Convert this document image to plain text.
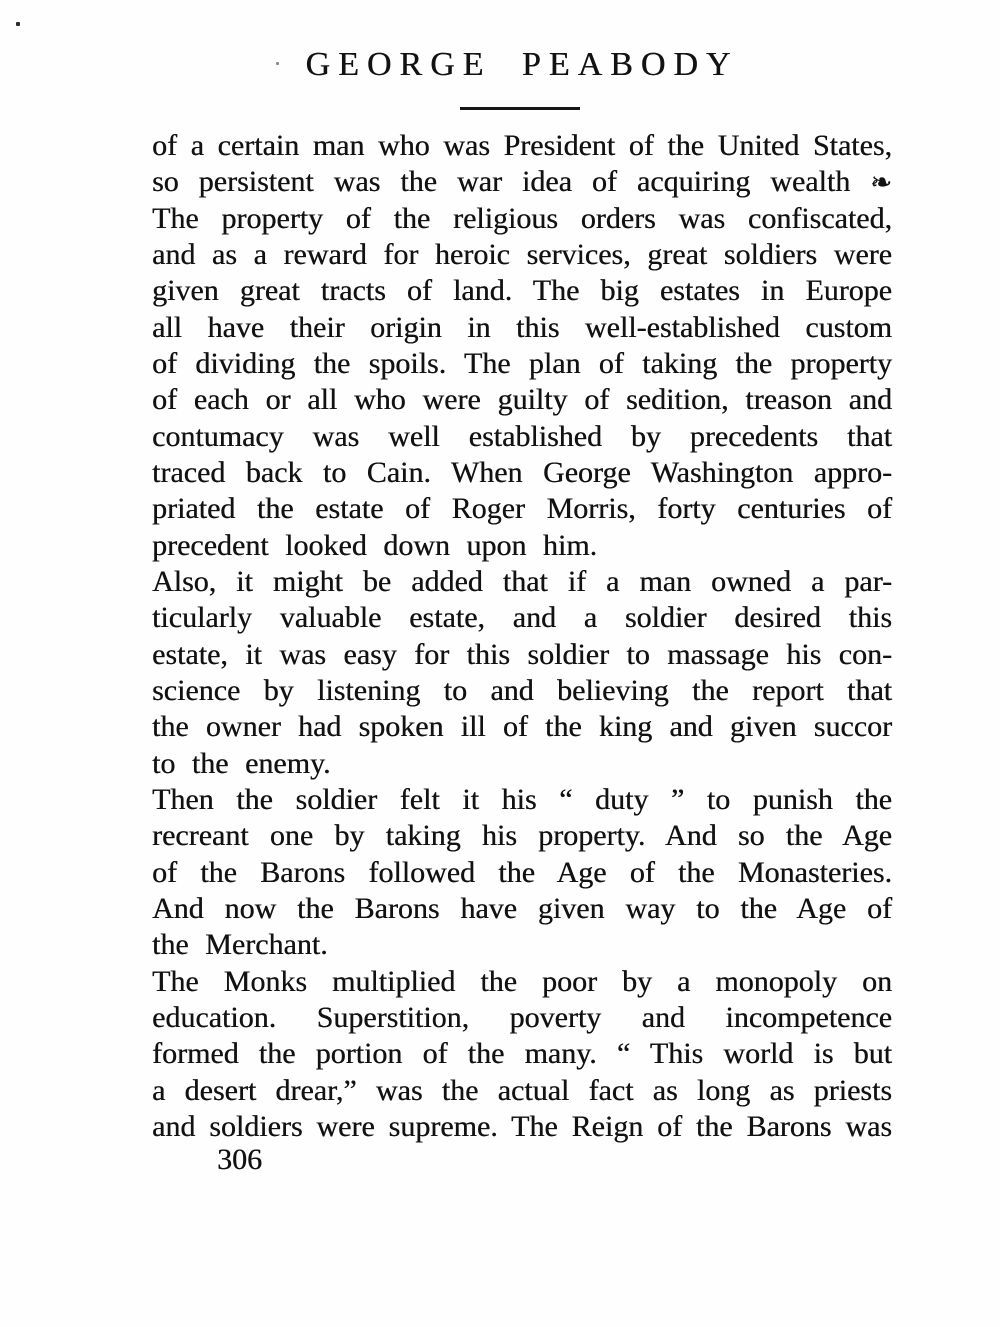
GEORGE PEABODY
of a certain man who was President of the United States,
so persistent was the war idea of acquiring wealth ❧
The property of the religious orders was confiscated,
and as a reward for heroic services, great soldiers were
given great tracts of land. The big estates in Europe
all have their origin in this well-established custom
of dividing the spoils. The plan of taking the property
of each or all who were guilty of sedition, treason and
contumacy was well established by precedents that
traced back to Cain. When George Washington appro-
priated the estate of Roger Morris, forty centuries of
precedent looked down upon him.
Also, it might be added that if a man owned a par-
ticularly valuable estate, and a soldier desired this
estate, it was easy for this soldier to massage his con-
science by listening to and believing the report that
the owner had spoken ill of the king and given succor
to the enemy.
Then the soldier felt it his “ duty ” to punish the
recreant one by taking his property. And so the Age
of the Barons followed the Age of the Monasteries.
And now the Barons have given way to the Age of
the Merchant.
The Monks multiplied the poor by a monopoly on
education. Superstition, poverty and incompetence
formed the portion of the many. “ This world is but
a desert drear,” was the actual fact as long as priests
and soldiers were supreme. The Reign of the Barons was
306
